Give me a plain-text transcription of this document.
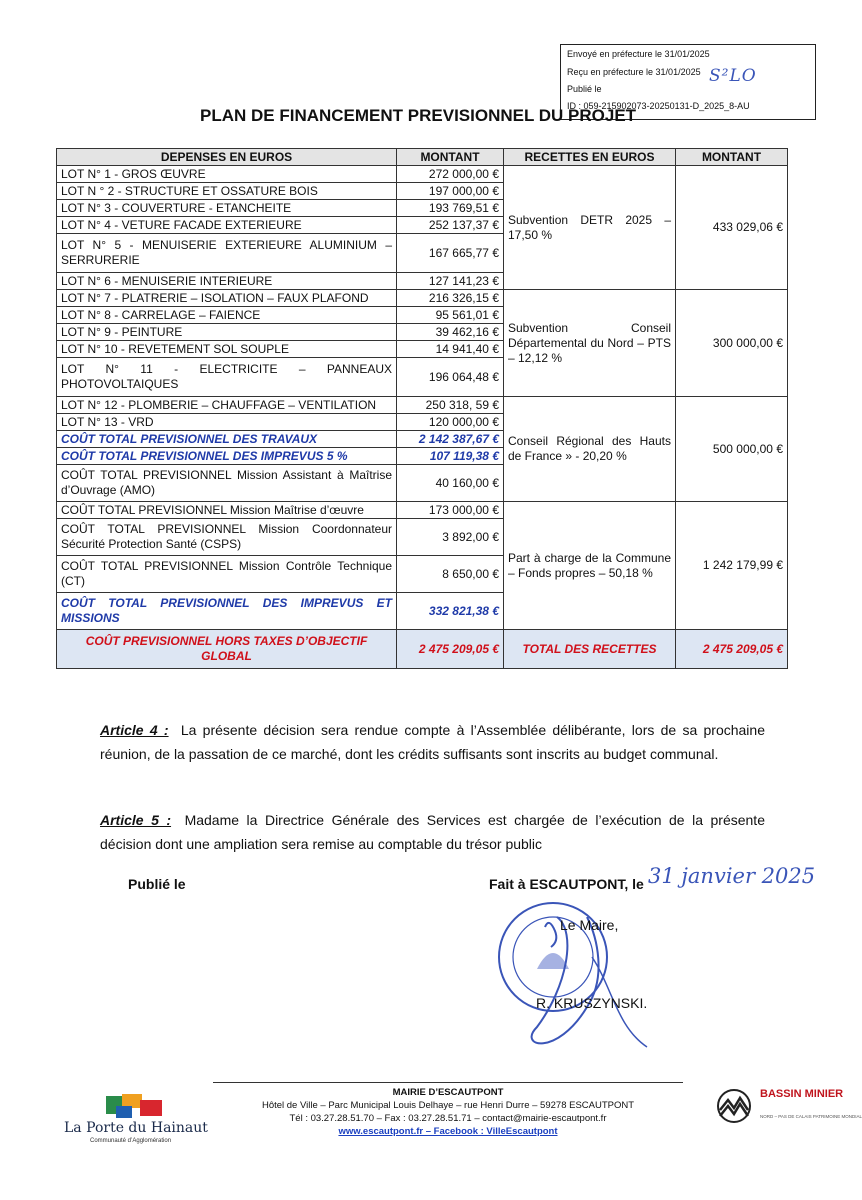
Envoyé en préfecture le 31/01/2025
Reçu en préfecture le 31/01/2025
Publié le
ID : 059-215902073-20250131-D_2025_8-AU
S²LO
PLAN DE FINANCEMENT PREVISIONNEL DU PROJET
DEPENSES EN EUROS	MONTANT	RECETTES EN EUROS	MONTANT
LOT N° 1 - GROS ŒUVRE	272 000,00 €	Subvention DETR 2025 – 17,50 %	433 029,06 €
LOT N ° 2 - STRUCTURE ET OSSATURE BOIS	197 000,00 €		
LOT N° 3 - COUVERTURE - ETANCHEITE	193 769,51 €		
LOT N° 4 - VETURE FACADE EXTERIEURE	252 137,37 €		
LOT N° 5 - MENUISERIE EXTERIEURE ALUMINIUM – SERRURERIE	167 665,77 €		
LOT N° 6 - MENUISERIE INTERIEURE	127 141,23 €		
LOT N° 7 - PLATRERIE – ISOLATION – FAUX PLAFOND	216 326,15 €	Subvention Conseil Départemental du Nord – PTS – 12,12 %	300 000,00 €
LOT N° 8 - CARRELAGE – FAIENCE	95 561,01 €		
LOT N° 9 - PEINTURE	39 462,16 €		
LOT N° 10 - REVETEMENT SOL SOUPLE	14 941,40 €		
LOT N° 11 - ELECTRICITE – PANNEAUX PHOTOVOLTAIQUES	196 064,48 €		
LOT N° 12 - PLOMBERIE – CHAUFFAGE – VENTILATION	250 318, 59 €	Conseil Régional des Hauts de France » - 20,20 %	500 000,00 €
LOT N° 13 - VRD	120 000,00 €		
COÛT TOTAL PREVISIONNEL DES TRAVAUX	2 142 387,67 €		
COÛT TOTAL PREVISIONNEL DES IMPREVUS 5 %	107 119,38 €		
COÛT TOTAL PREVISIONNEL Mission Assistant à Maîtrise d’Ouvrage (AMO)	40 160,00 €		
COÛT TOTAL PREVISIONNEL Mission Maîtrise d’œuvre	173 000,00 €	Part à charge de la Commune – Fonds propres – 50,18 %	1 242 179,99 €
COÛT TOTAL PREVISIONNEL Mission Coordonnateur Sécurité Protection Santé (CSPS)	3 892,00 €		
COÛT TOTAL PREVISIONNEL Mission Contrôle Technique (CT)	8 650,00 €		
COÛT TOTAL PREVISIONNEL DES IMPREVUS ET MISSIONS	332 821,38 €		
COÛT PREVISIONNEL HORS TAXES D’OBJECTIF GLOBAL	2 475 209,05 €	TOTAL DES RECETTES	2 475 209,05 €
Article 4 : La présente décision sera rendue compte à l’Assemblée délibérante, lors de sa prochaine réunion, de la passation de ce marché, dont les crédits suffisants sont inscrits au budget communal.
Article 5 : Madame la Directrice Générale des Services est chargée de l’exécution de la présente décision dont une ampliation sera remise au comptable du trésor public
Publié le	Fait à ESCAUTPONT, le 31 janvier 2025
Le Maire,
R. KRUSZYNSKI.
La Porte du Hainaut
Communauté d’Agglomération
MAIRIE D’ESCAUTPONT
Hôtel de Ville – Parc Municipal Louis Delhaye – rue Henri Durre – 59278 ESCAUTPONT
Tél : 03.27.28.51.70 – Fax : 03.27.28.51.71 – contact@mairie-escautpont.fr
www.escautpont.fr – Facebook : VilleEscautpont
BASSIN MINIER
NORD – PAS DE CALAIS PATRIMOINE MONDIAL
